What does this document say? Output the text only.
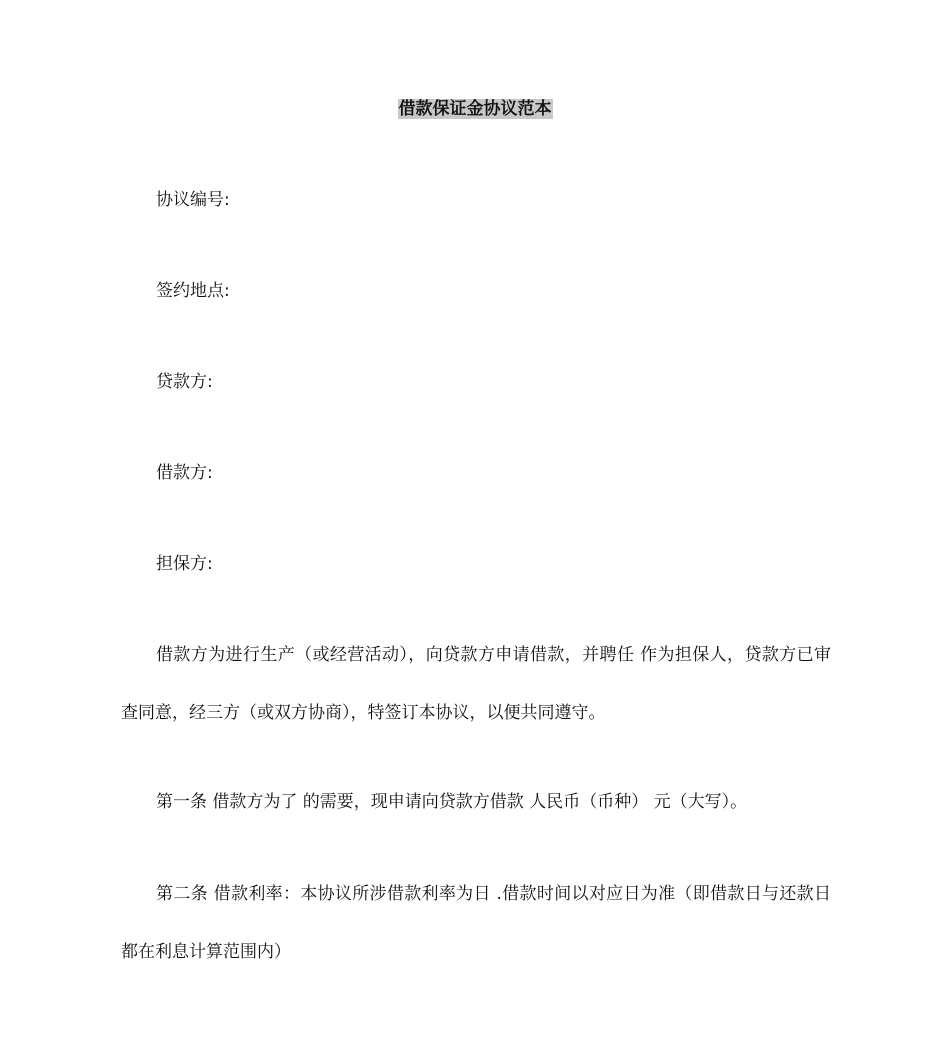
借款保证金协议范本
协议编号:
签约地点:
贷款方:
借款方:
担保方:
借款方为进行生产（或经营活动），向贷款方申请借款，并聘任 作为担保人，贷款方已审查同意，经三方（或双方协商），特签订本协议，以便共同遵守。
第一条 借款方为了 的需要，现申请向贷款方借款 人民币（币种） 元（大写）。
第二条 借款利率：本协议所涉借款利率为日 .借款时间以对应日为准（即借款日与还款日都在利息计算范围内）
